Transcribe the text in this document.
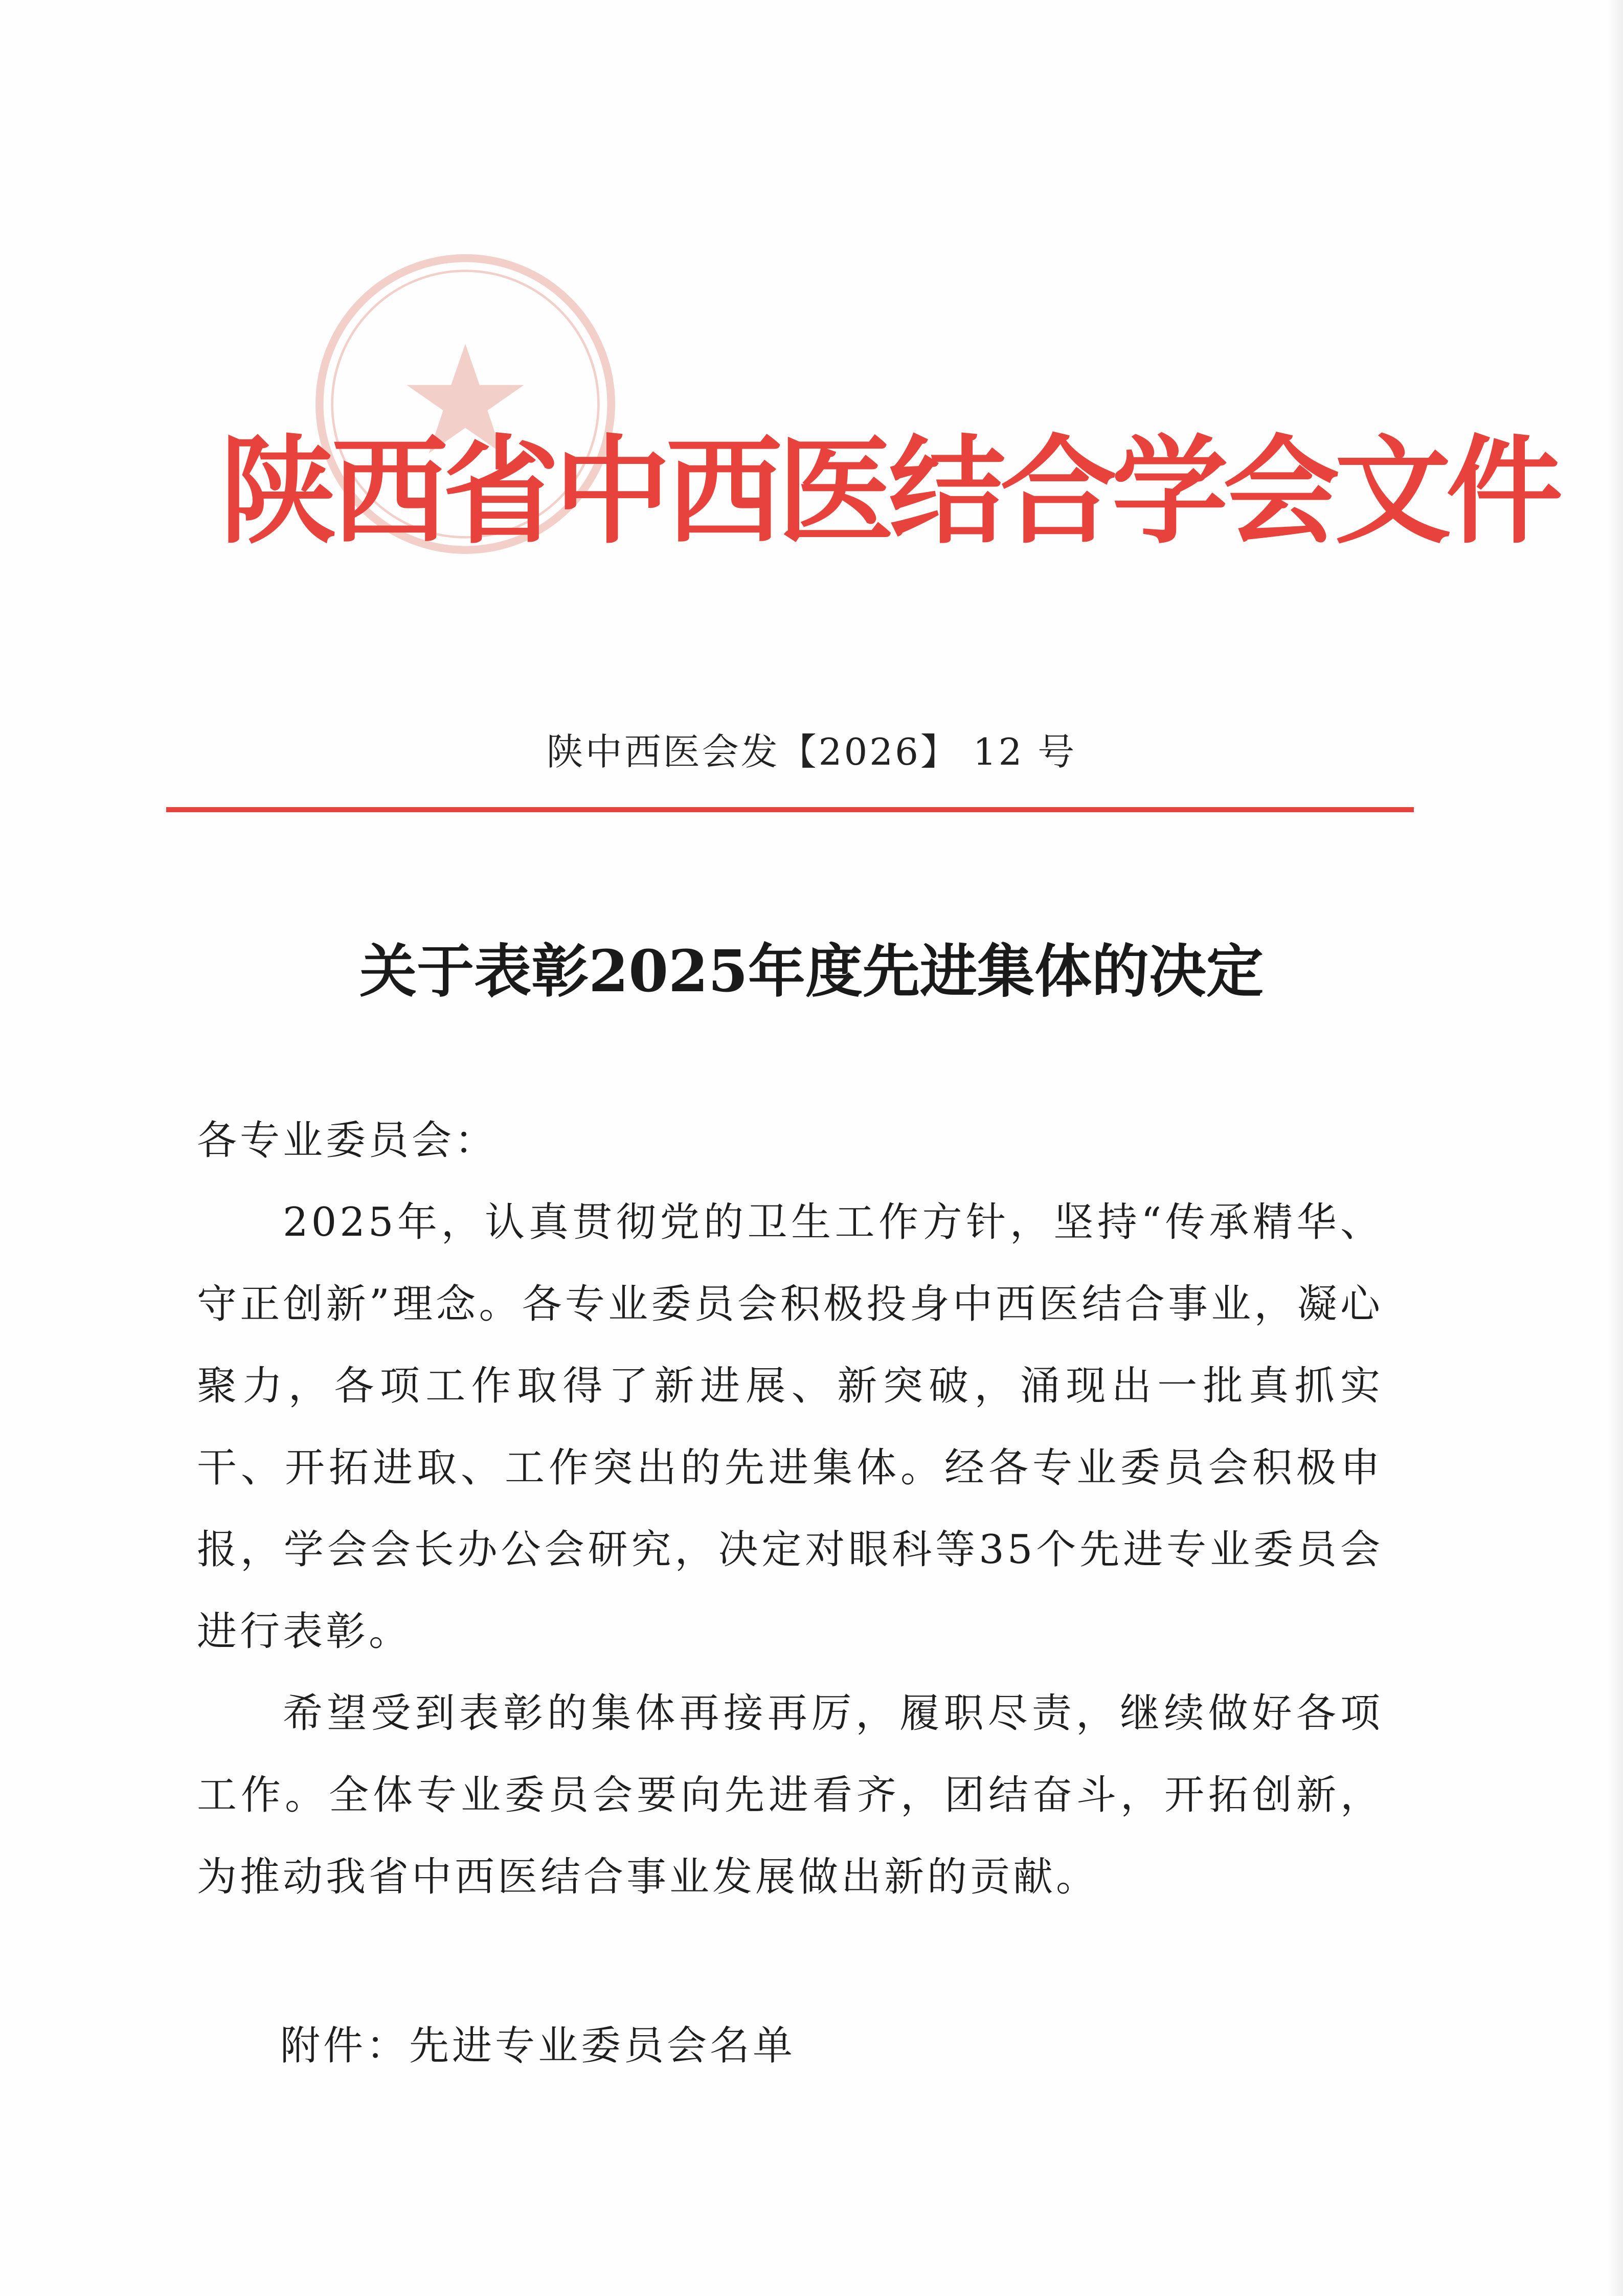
陕西省中西医结合学会文件
陕中西医会发【2026】 12 号
关于表彰2025年度先进集体的决定
各专业委员会：

2025年，认真贯彻党的卫生工作方针，坚持“传承精华、守正创新”理念。各专业委员会积极投身中西医结合事业，凝心聚力，各项工作取得了新进展、新突破，涌现出一批真抓实干、开拓进取、工作突出的先进集体。经各专业委员会积极申报，学会会长办公会研究，决定对眼科等35个先进专业委员会进行表彰。

希望受到表彰的集体再接再厉，履职尽责，继续做好各项工作。全体专业委员会要向先进看齐，团结奋斗，开拓创新，为推动我省中西医结合事业发展做出新的贡献。

附件：先进专业委员会名单
